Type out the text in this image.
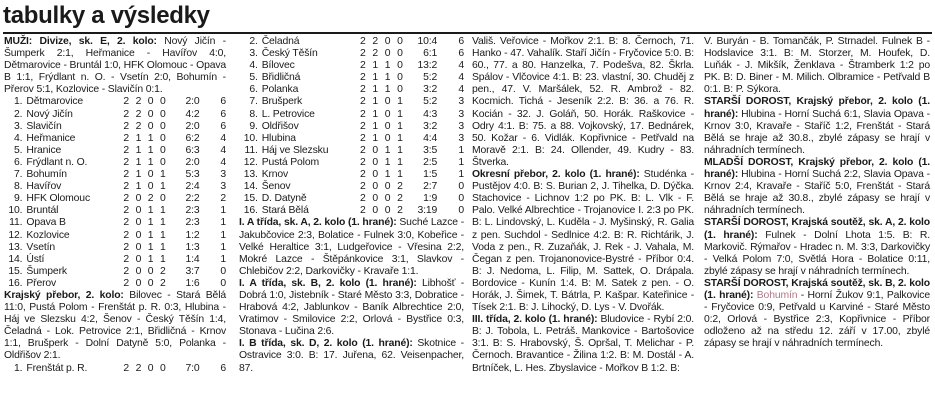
tabulky a výsledky

MUŽI: Divize, sk. E, 2. kolo: Nový Jičín - Šumperk 2:1, Heřmanice - Havířov 4:0, Dětmarovice - Bruntál 1:0, HFK Olomouc - Opava B 1:1, Frýdlant n. O. - Vsetín 2:0, Bohumín - Přerov 5:1, Kozlovice - Slavičín 0:1.

1.	Dětmarovice	2	2	0	0	2:0	6
2.	Nový Jičín	2	2	0	0	4:2	6
3.	Slavičín	2	2	0	0	2:0	6
4.	Heřmanice	2	1	1	0	6:2	4
5.	Hranice	2	1	1	0	6:3	4
6.	Frýdlant n. O.	2	1	1	0	2:0	4
7.	Bohumín	2	1	0	1	5:3	3
8.	Havířov	2	1	0	1	2:4	3
9.	HFK Olomouc	2	0	2	0	2:2	2
10.	Bruntál	2	0	1	1	2:3	1
11.	Opava B	2	0	1	1	2:3	1
12.	Kozlovice	2	0	1	1	1:2	1
13.	Vsetín	2	0	1	1	1:3	1
14.	Ústí	2	0	1	1	1:4	1
15.	Šumperk	2	0	0	2	3:7	0
16.	Přerov	2	0	0	2	1:6	0

Krajský přebor, 2. kolo: Bilovec - Stará Bělá 11:0, Pustá Polom - Frenštát p. R. 0:3, Hlubina - Háj ve Slezsku 4:2, Šenov - Český Těšín 1:4, Čeladná - Lok. Petrovice 2:1, Břidličná - Krnov 1:1, Brušperk - Dolní Datyně 5:0, Polanka - Oldřišov 2:1.

1.	Frenštát p. R.	2	2	0	0	7:0	6
2.	Čeladná	2	2	0	0	10:4	6
3.	Český Těšín	2	2	0	0	6:1	6
4.	Bílovec	2	1	1	0	13:2	4
5.	Břidličná	2	1	1	0	5:2	4
6.	Polanka	2	1	1	0	3:2	4
7.	Brušperk	2	1	0	1	5:2	3
8.	L. Petrovice	2	1	0	1	4:3	3
9.	Oldřišov	2	1	0	1	3:2	3
10.	Hlubina	2	1	0	1	4:4	3
11.	Háj ve Slezsku	2	0	1	1	3:5	1
12.	Pustá Polom	2	0	1	1	2:5	1
13.	Krnov	2	0	1	1	1:5	1
14.	Šenov	2	0	0	2	2:7	0
15.	D. Datyně	2	0	0	2	1:9	0
16.	Stará Bělá	2	0	0	2	3:19	0

I. A třída, sk. A, 2. kolo (1. hrané): Suché Lazce - Jakubčovice 2:3, Bolatice - Fulnek 3:0, Kobeřice - Velké Heraltice 3:1, Ludgeřovice - Vřesina 2:2, Mokré Lazce - Štěpánkovice 3:1, Slavkov - Chlebičov 2:2, Darkovičky - Kravaře 1:1.

I. A třída, sk. B, 2. kolo (1. hrané): Libhošť - Dobrá 1:0, Jistebník - Staré Město 3:3, Dobratice - Hrabová 4:2, Jablunkov - Baník Albrechtice 2:0, Vratimov - Smilovice 2:2, Orlová - Bystřice 0:3, Stonava - Lučina 2:6.

I. B třída, sk. D, 2. kolo (1. hrané): Skotnice - Ostravice 3:0. B: 17. Juřena, 62. Veisenpacher, 87.

Vališ. Veřovice - Mořkov 2:1. B: 8. Černoch, 71. Hanko - 47. Vahalík. Staří Jičín - Fryčovice 5:0. B: 60., 77. a 80. Hanzelka, 7. Podešva, 82. Škrla. Spálov - Vlčovice 4:1. B: 23. vlastní, 30. Chuděj z pen., 47. V. Maršálek, 52. R. Ambrož - 82. Kocmich. Tichá - Jeseník 2:2. B: 36. a 76. R. Kocián - 32. J. Goláň, 50. Horák. Raškovice - Odry 4:1. B: 75. a 88. Vojkovský, 17. Bednárek, 50. Kožar - 6. Vidlák. Kopřivnice - Petřvald na Moravě 2:1. B: 24. Ollender, 49. Kudry - 83. Štverka.

Okresní přebor, 2. kolo (1. hrané): Studénka - Pustějov 4:0. B: S. Burian 2, J. Tihelka, D. Dýčka. Stachovice - Lichnov 1:2 po PK. B: L. Vlk - F. Palo. Velké Albrechtice - Trojanovice I. 2:3 po PK. B: L. Lindovský, L. Kuděla - J. Myšinský, R. Galia z pen. Suchdol - Sedlnice 4:2. B: R. Richtárik, J. Voda z pen., R. Zuzaňák, J. Rek - J. Vahala, M. Čegan z pen. Trojanonovice-Bystré - Příbor 0:4. B: J. Nedoma, L. Filip, M. Sattek, O. Drápala. Bordovice - Kunín 1:4. B: M. Satek z pen. - O. Horák, J. Šimek, T. Bátrla, P. Kašpar. Kateřinice - Tísek 2:1. B: J. Lihocký, D. Lys - V. Dvořák.

III. třída, 2. kolo (1. hrané): Bludovice - Rybí 2:0. B: J. Tobola, L. Petráš. Mankovice - Bartošovice 3:1. B: S. Hrabovský, Š. Opršal, T. Melichar - P. Černoch. Bravantice - Žilina 1:2. B: M. Dostál - A. Brtníček, L. Hes. Zbyslavice - Mořkov B 1:2. B:

V. Buryán - B. Tomančák, P. Strnadel. Fulnek B - Hodslavice 3:1. B: M. Storzer, M. Houfek, D. Luňák - J. Mikšík, Ženklava - Štramberk 1:2 po PK. B: D. Biner - M. Milich. Olbramice - Petřvald B 0:1. B: P. Sýkora.

STARŠÍ DOROST, Krajský přebor, 2. kolo (1. hrané): Hlubina - Horní Suchá 6:1, Slavia Opava - Krnov 3:0, Kravaře - Staříč 1:2, Frenštát - Stará Bělá se hraje až 30.8., zbylé zápasy se hrají v náhradních termínech.

MLADŠÍ DOROST, Krajský přebor, 2. kolo (1. hrané): Hlubina - Horní Suchá 2:2, Slavia Opava - Krnov 2:4, Kravaře - Staříč 5:0, Frenštát - Stará Bělá se hraje až 30.8., zbylé zápasy se hrají v náhradních termínech.

STARŠÍ DOROST, Krajská soutěž, sk. A, 2. kolo (1. hrané): Fulnek - Dolní Lhota 1:5. B: R. Markovič. Rýmařov - Hradec n. M. 3:3, Darkovičky - Velká Polom 7:0, Světlá Hora - Bolatice 0:11, zbylé zápasy se hrají v náhradních termínech.

STARŠÍ DOROST, Krajská soutěž, sk. B, 2. kolo (1. hrané): Bohumín - Horní Žukov 9:1, Palkovice - Fryčovice 0:9, Petřvald u Karviné - Staré Město 0:2, Orlová - Bystřice 2:3, Kopřivnice - Příbor odloženo až na středu 12. září v 17.00, zbylé zápasy se hrají v náhradních termínech.
